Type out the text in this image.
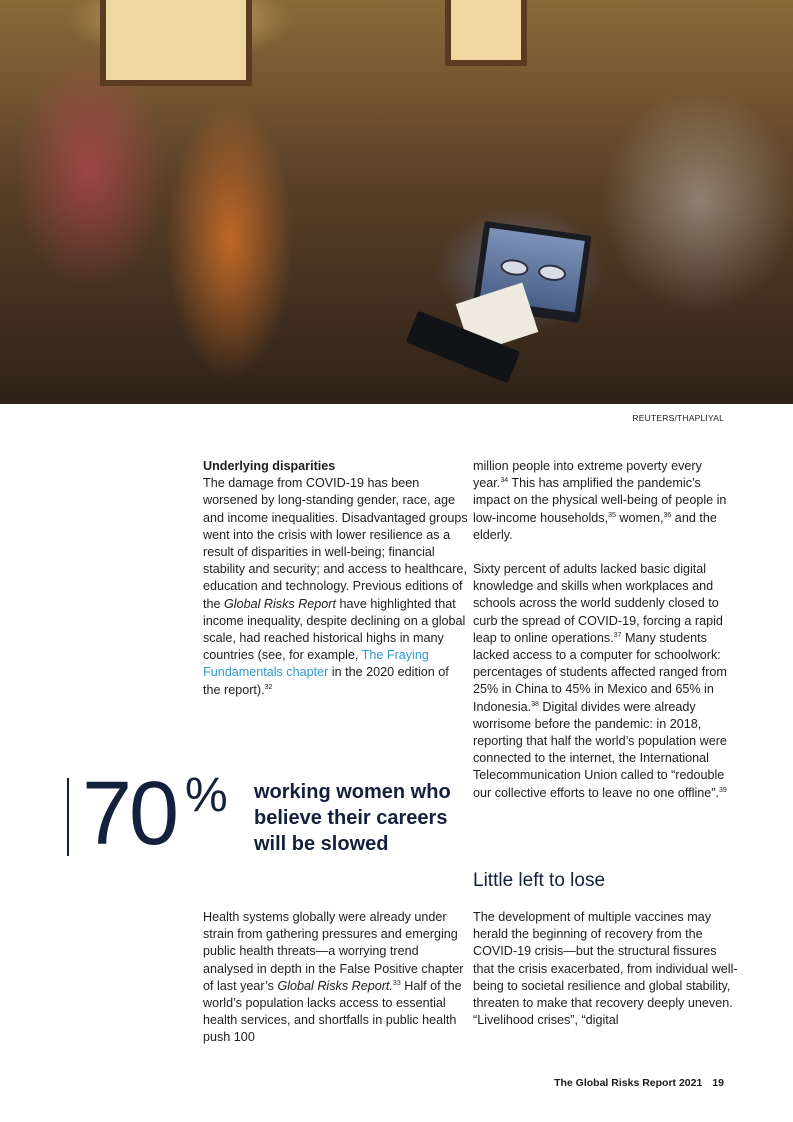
REUTERS/THAPLIYAL
Underlying disparities

The damage from COVID-19 has been worsened by long-standing gender, race, age and income inequalities. Disadvantaged groups went into the crisis with lower resilience as a result of disparities in well-being; financial stability and security; and access to healthcare, education and technology. Previous editions of the Global Risks Report have highlighted that income inequality, despite declining on a global scale, had reached historical highs in many countries (see, for example, The Fraying Fundamentals chapter in the 2020 edition of the report).$^{32}$

70 % working women who believe their careers will be slowed

Health systems globally were already under strain from gathering pressures and emerging public health threats—a worrying trend analysed in depth in the False Positive chapter of last year’s Global Risks Report.$^{33}$ Half of the world’s population lacks access to essential health services, and shortfalls in public health push 100

million people into extreme poverty every year.$^{34}$ This has amplified the pandemic’s impact on the physical well-being of people in low-income households,$^{35}$ women,$^{36}$ and the elderly.

Sixty percent of adults lacked basic digital knowledge and skills when workplaces and schools across the world suddenly closed to curb the spread of COVID-19, forcing a rapid leap to online operations.$^{37}$ Many students lacked access to a computer for schoolwork: percentages of students affected ranged from 25% in China to 45% in Mexico and 65% in Indonesia.$^{38}$ Digital divides were already worrisome before the pandemic: in 2018, reporting that half the world’s population were connected to the internet, the International Telecommunication Union called to “redouble our collective efforts to leave no one offline”.$^{39}$

Little left to lose

The development of multiple vaccines may herald the beginning of recovery from the COVID-19 crisis—but the structural fissures that the crisis exacerbated, from individual well-being to societal resilience and global stability, threaten to make that recovery deeply uneven. “Livelihood crises”, “digital

The Global Risks Report 2021 19
